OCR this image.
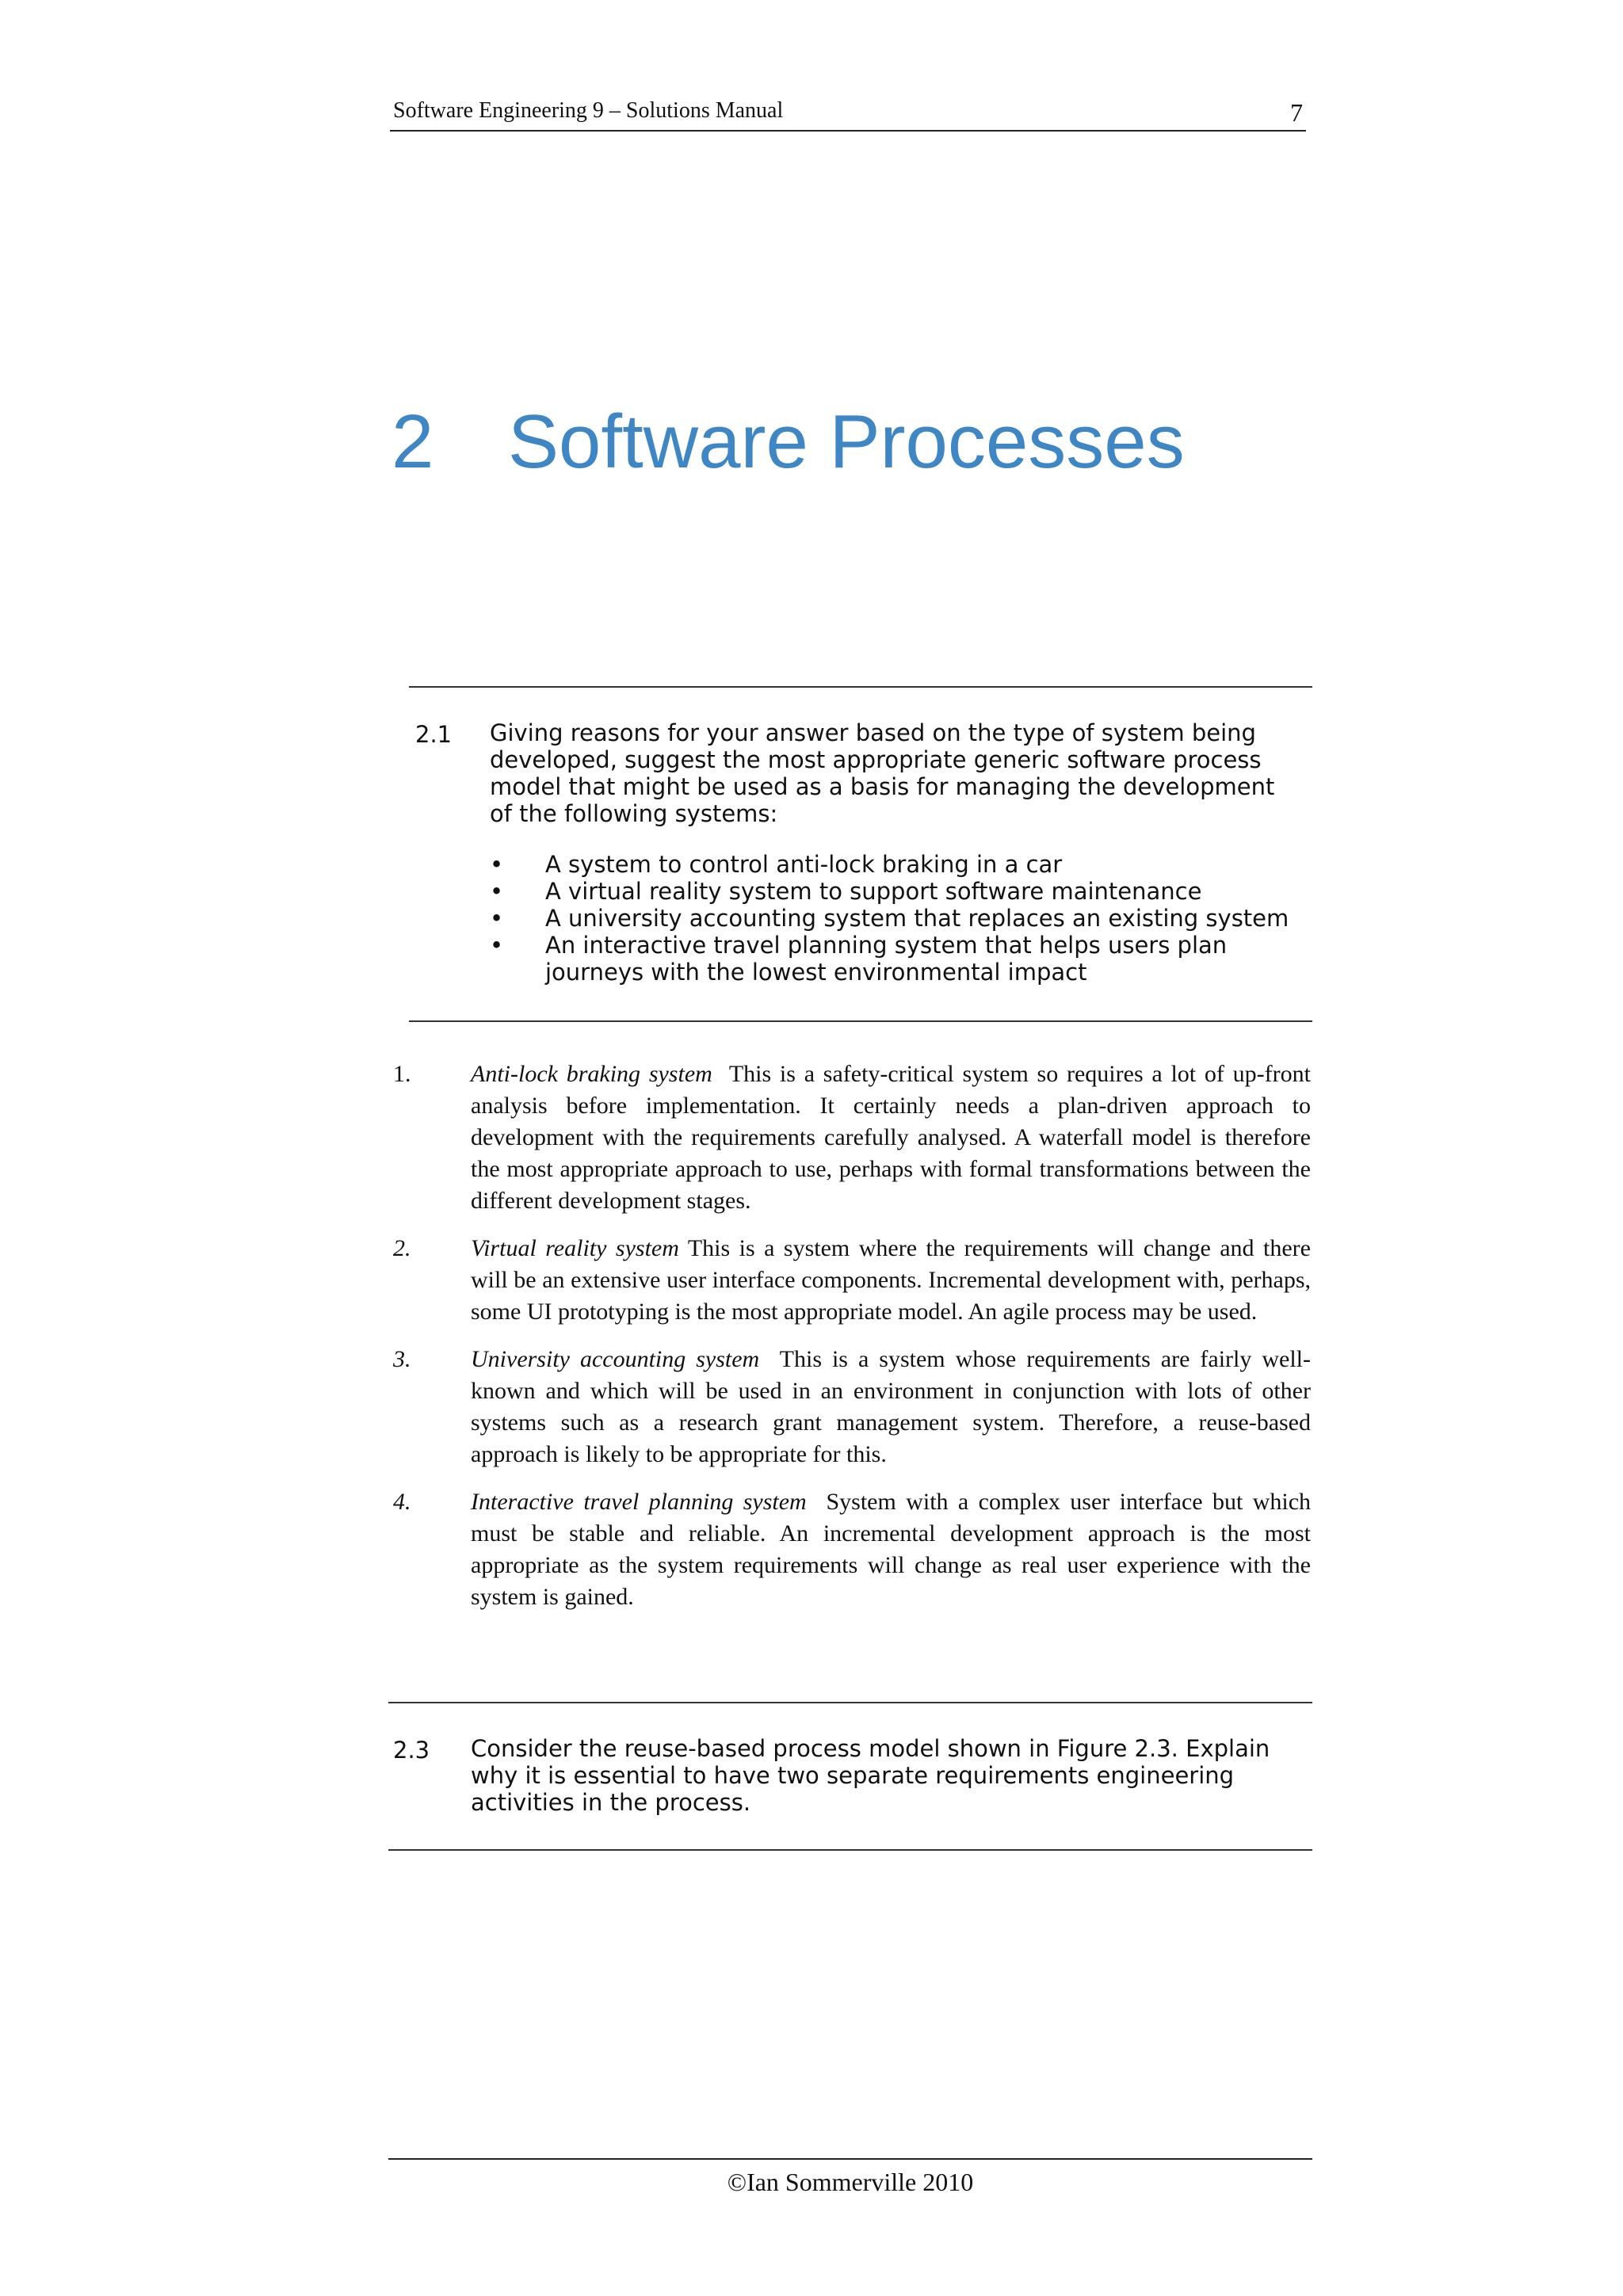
Software Engineering 9 – Solutions Manual	7
2 Software Processes
2.1 Giving reasons for your answer based on the type of system being developed, suggest the most appropriate generic software process model that might be used as a basis for managing the development of the following systems:
• A system to control anti-lock braking in a car
• A virtual reality system to support software maintenance
• A university accounting system that replaces an existing system
• An interactive travel planning system that helps users plan journeys with the lowest environmental impact
1.	Anti-lock braking system This is a safety-critical system so requires a lot of up-front analysis before implementation. It certainly needs a plan-driven approach to development with the requirements carefully analysed. A waterfall model is therefore the most appropriate approach to use, perhaps with formal transformations between the different development stages.
2.	Virtual reality system This is a system where the requirements will change and there will be an extensive user interface components. Incremental development with, perhaps, some UI prototyping is the most appropriate model. An agile process may be used.
3.	University accounting system This is a system whose requirements are fairly well-known and which will be used in an environment in conjunction with lots of other systems such as a research grant management system. Therefore, a reuse-based approach is likely to be appropriate for this.
4.	Interactive travel planning system System with a complex user interface but which must be stable and reliable. An incremental development approach is the most appropriate as the system requirements will change as real user experience with the system is gained.
2.3 Consider the reuse-based process model shown in Figure 2.3. Explain why it is essential to have two separate requirements engineering activities in the process.
©Ian Sommerville 2010
